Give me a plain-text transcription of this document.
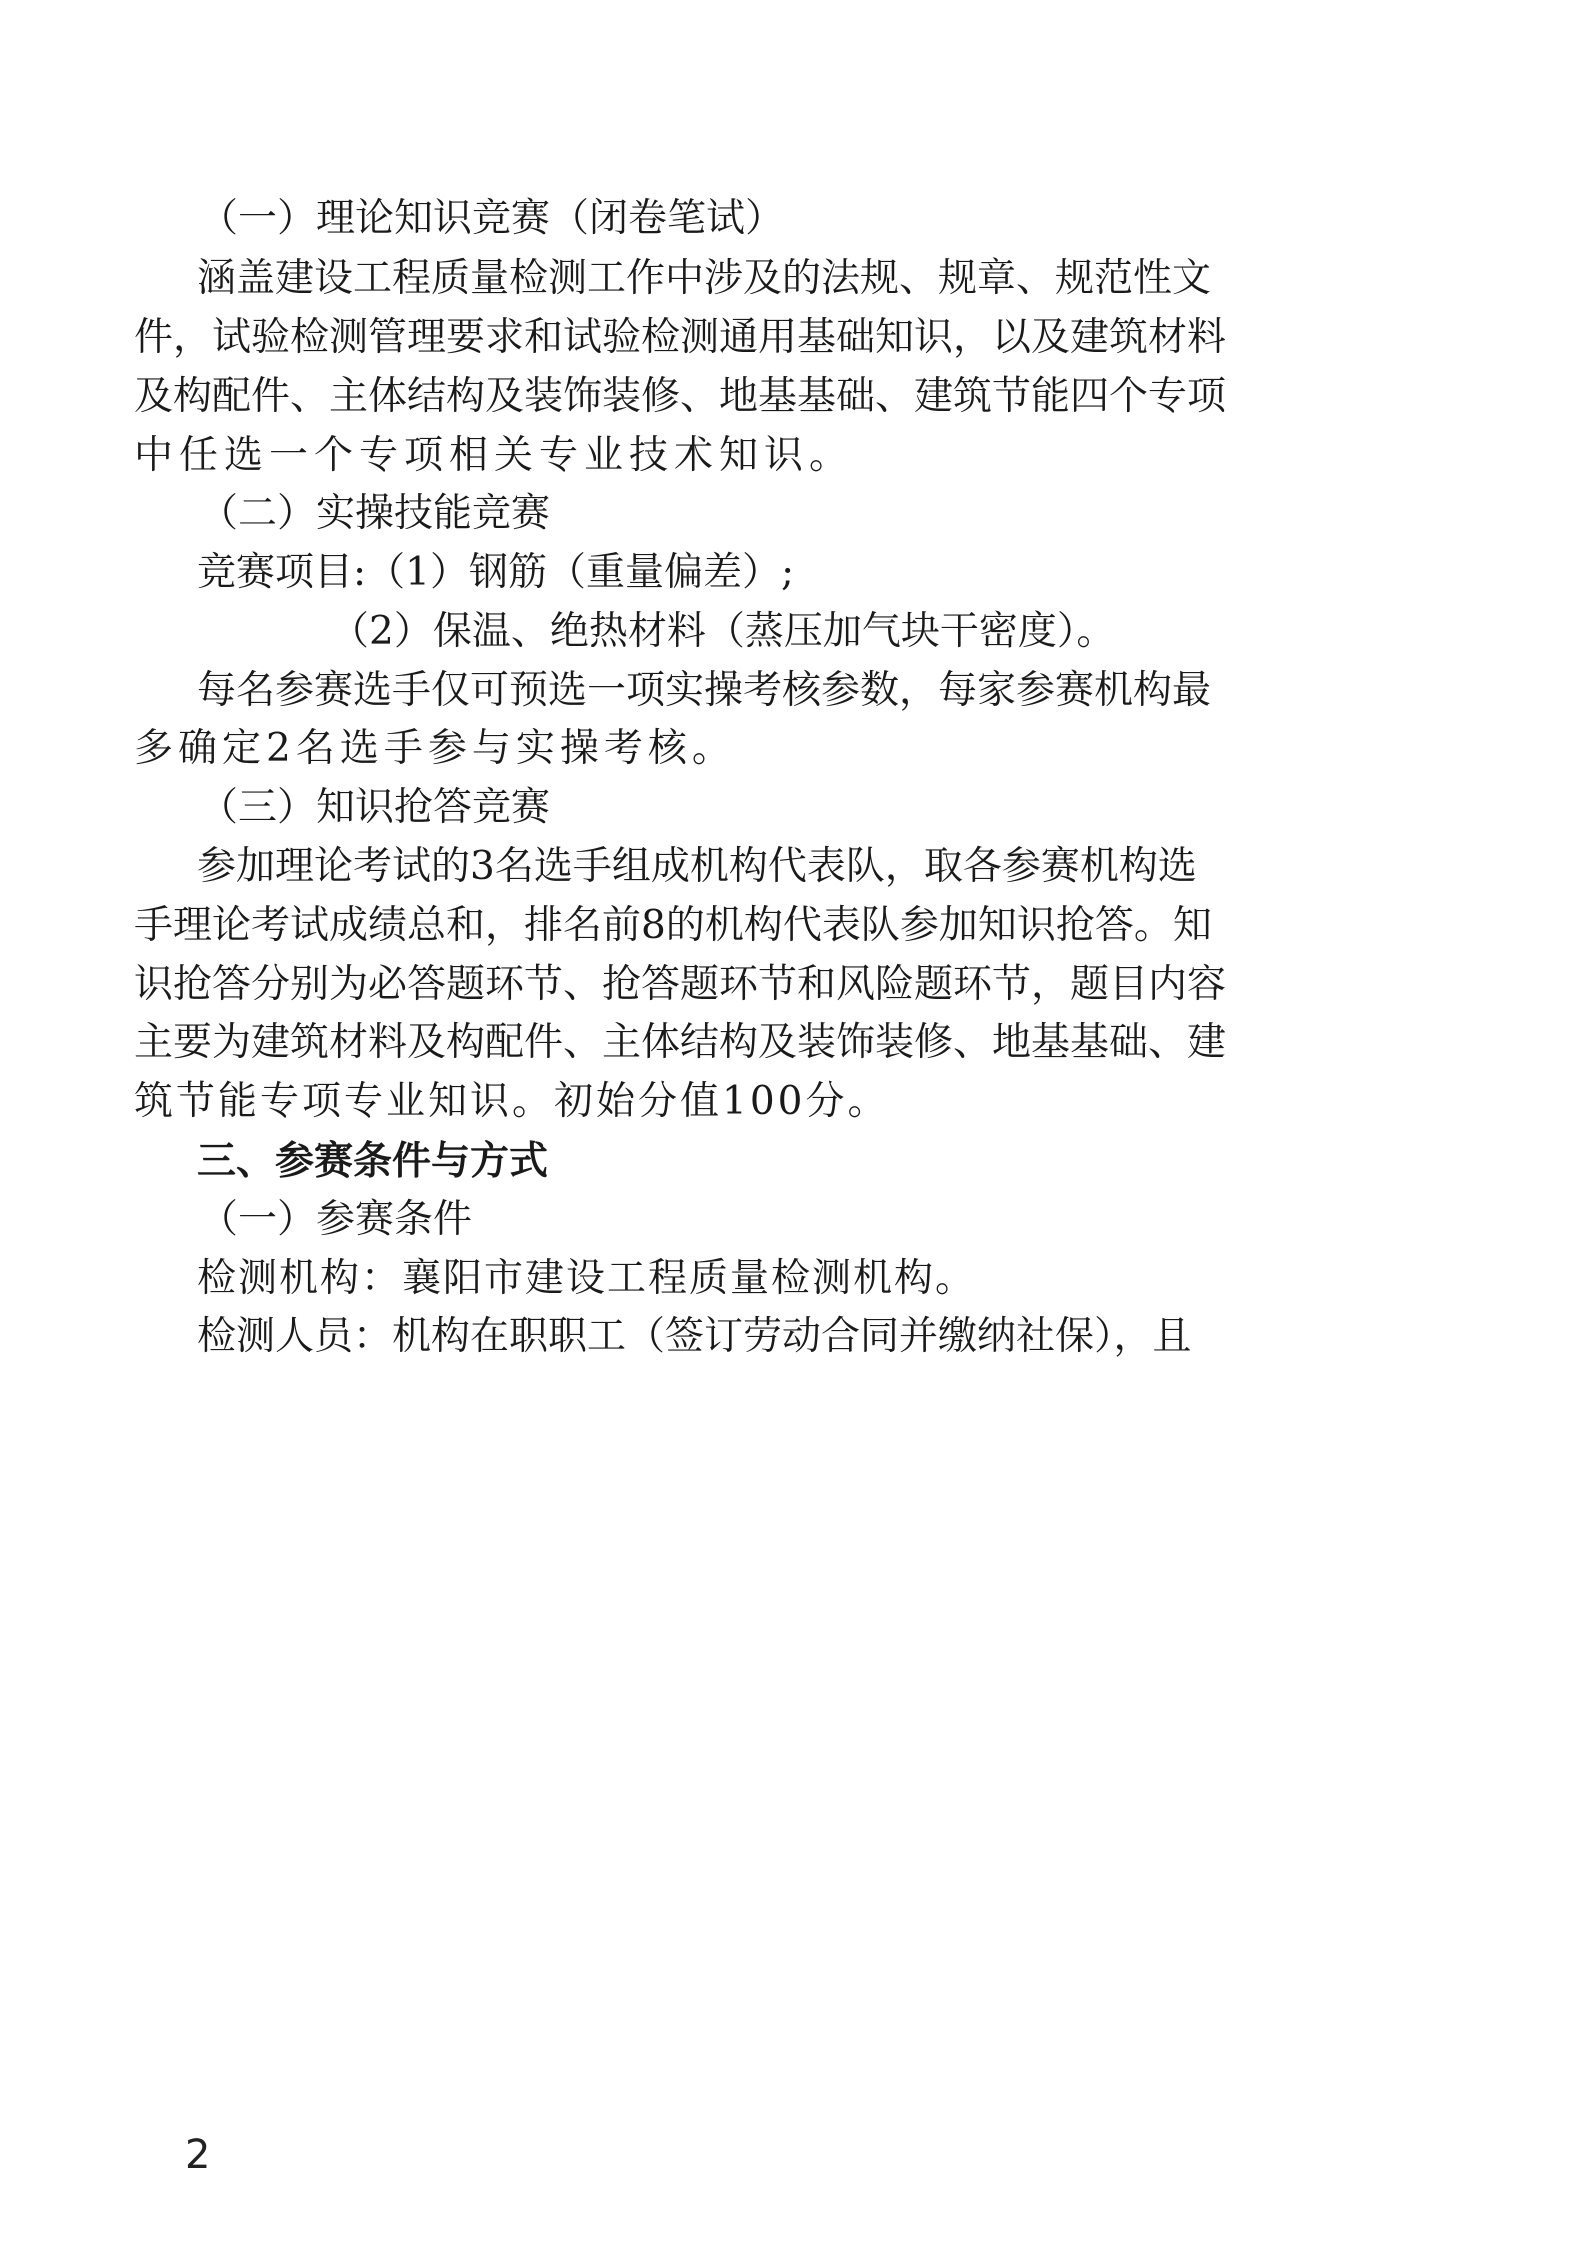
（一）理论知识竞赛（闭卷笔试）
涵盖建设工程质量检测工作中涉及的法规、规章、规范性文
件，试验检测管理要求和试验检测通用基础知识，以及建筑材料
及构配件、主体结构及装饰装修、地基基础、建筑节能四个专项
中任选一个专项相关专业技术知识。
（二）实操技能竞赛
竞赛项目:（1）钢筋（重量偏差）;
（2）保温、绝热材料（蒸压加气块干密度）。
每名参赛选手仅可预选一项实操考核参数，每家参赛机构最
多确定2名选手参与实操考核。
（三）知识抢答竞赛
参加理论考试的3名选手组成机构代表队，取各参赛机构选
手理论考试成绩总和，排名前8的机构代表队参加知识抢答。知
识抢答分别为必答题环节、抢答题环节和风险题环节，题目内容
主要为建筑材料及构配件、主体结构及装饰装修、地基基础、建
筑节能专项专业知识。初始分值100分。
三、参赛条件与方式
（一）参赛条件
检测机构：襄阳市建设工程质量检测机构。
检测人员：机构在职职工（签订劳动合同并缴纳社保），且
2
